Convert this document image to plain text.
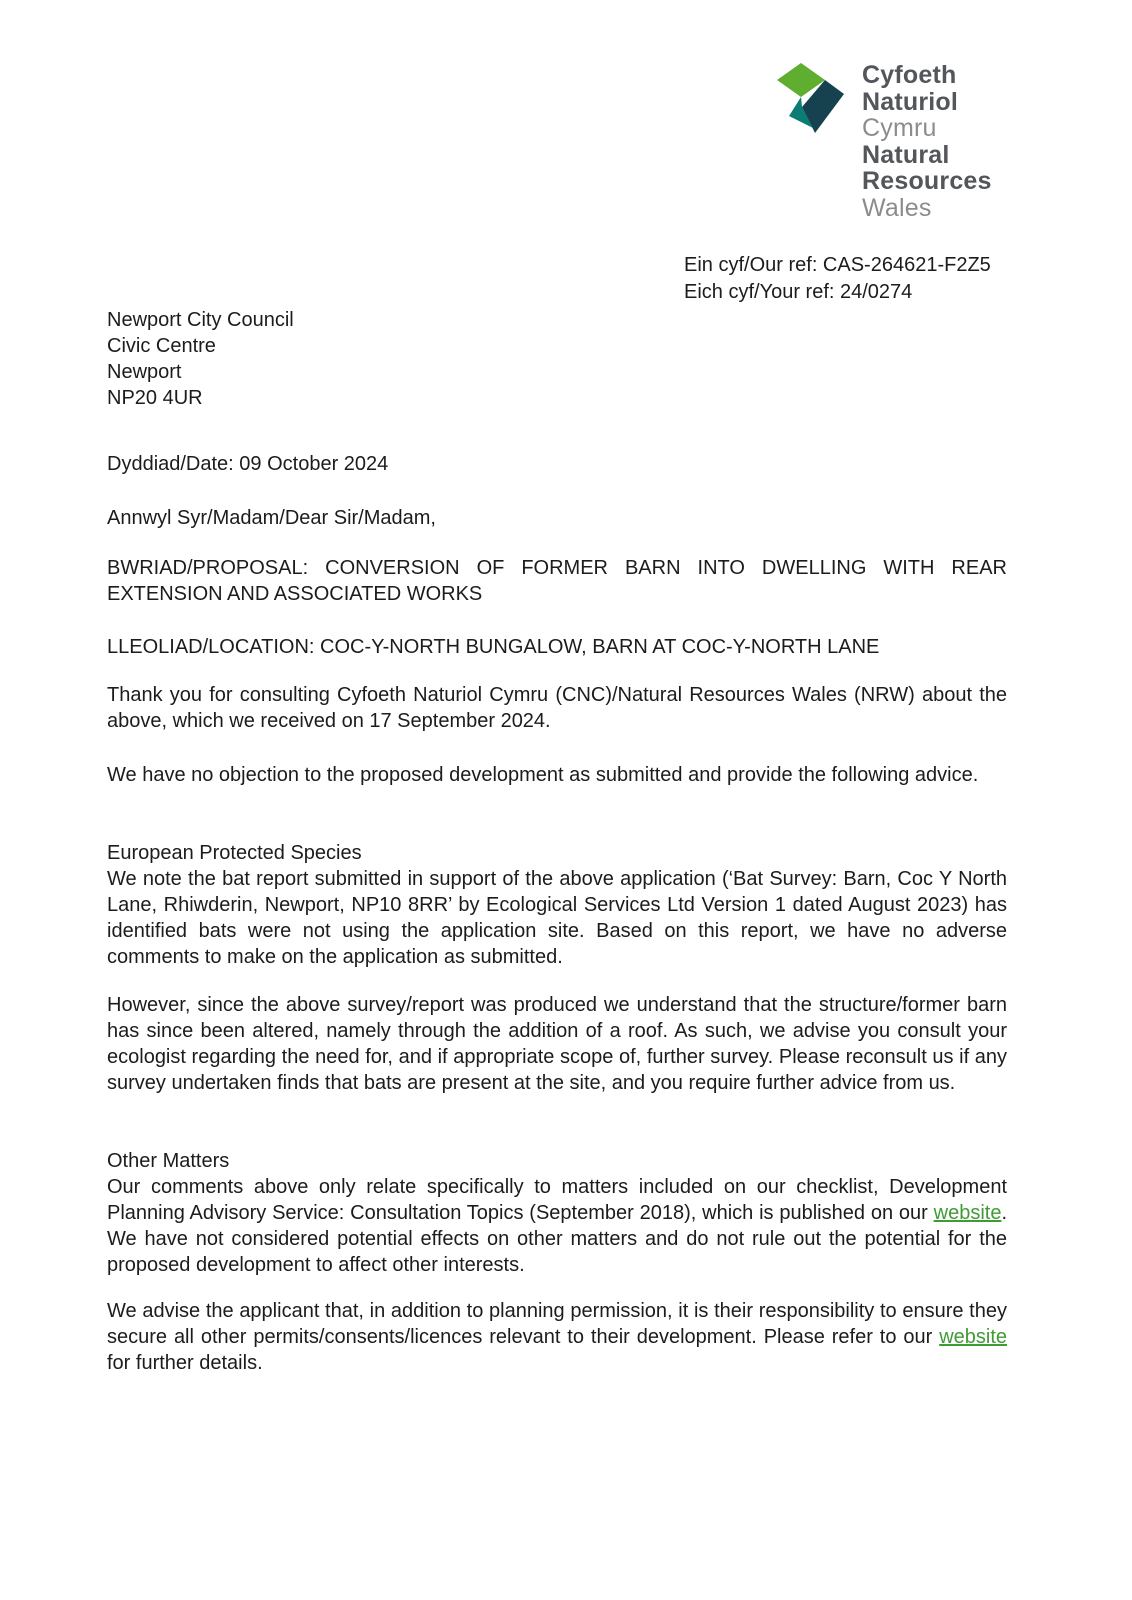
Cyfoeth
Naturiol
Cymru
Natural
Resources
Wales
Ein cyf/Our ref: CAS-264621-F2Z5
Eich cyf/Your ref: 24/0274
Newport City Council
Civic Centre
Newport
NP20 4UR
Dyddiad/Date: 09 October 2024
Annwyl Syr/Madam/Dear Sir/Madam,
BWRIAD/PROPOSAL: CONVERSION OF FORMER BARN INTO DWELLING WITH REAR EXTENSION AND ASSOCIATED WORKS
LLEOLIAD/LOCATION: COC-Y-NORTH BUNGALOW, BARN AT COC-Y-NORTH LANE
Thank you for consulting Cyfoeth Naturiol Cymru (CNC)/Natural Resources Wales (NRW) about the above, which we received on 17 September 2024.
We have no objection to the proposed development as submitted and provide the following advice.
European Protected Species
We note the bat report submitted in support of the above application (‘Bat Survey: Barn, Coc Y North Lane, Rhiwderin, Newport, NP10 8RR’ by Ecological Services Ltd Version 1 dated August 2023) has identified bats were not using the application site. Based on this report, we have no adverse comments to make on the application as submitted.
However, since the above survey/report was produced we understand that the structure/former barn has since been altered, namely through the addition of a roof. As such, we advise you consult your ecologist regarding the need for, and if appropriate scope of, further survey. Please reconsult us if any survey undertaken finds that bats are present at the site, and you require further advice from us.
Other Matters
Our comments above only relate specifically to matters included on our checklist, Development Planning Advisory Service: Consultation Topics (September 2018), which is published on our website. We have not considered potential effects on other matters and do not rule out the potential for the proposed development to affect other interests.
We advise the applicant that, in addition to planning permission, it is their responsibility to ensure they secure all other permits/consents/licences relevant to their development. Please refer to our website for further details.
